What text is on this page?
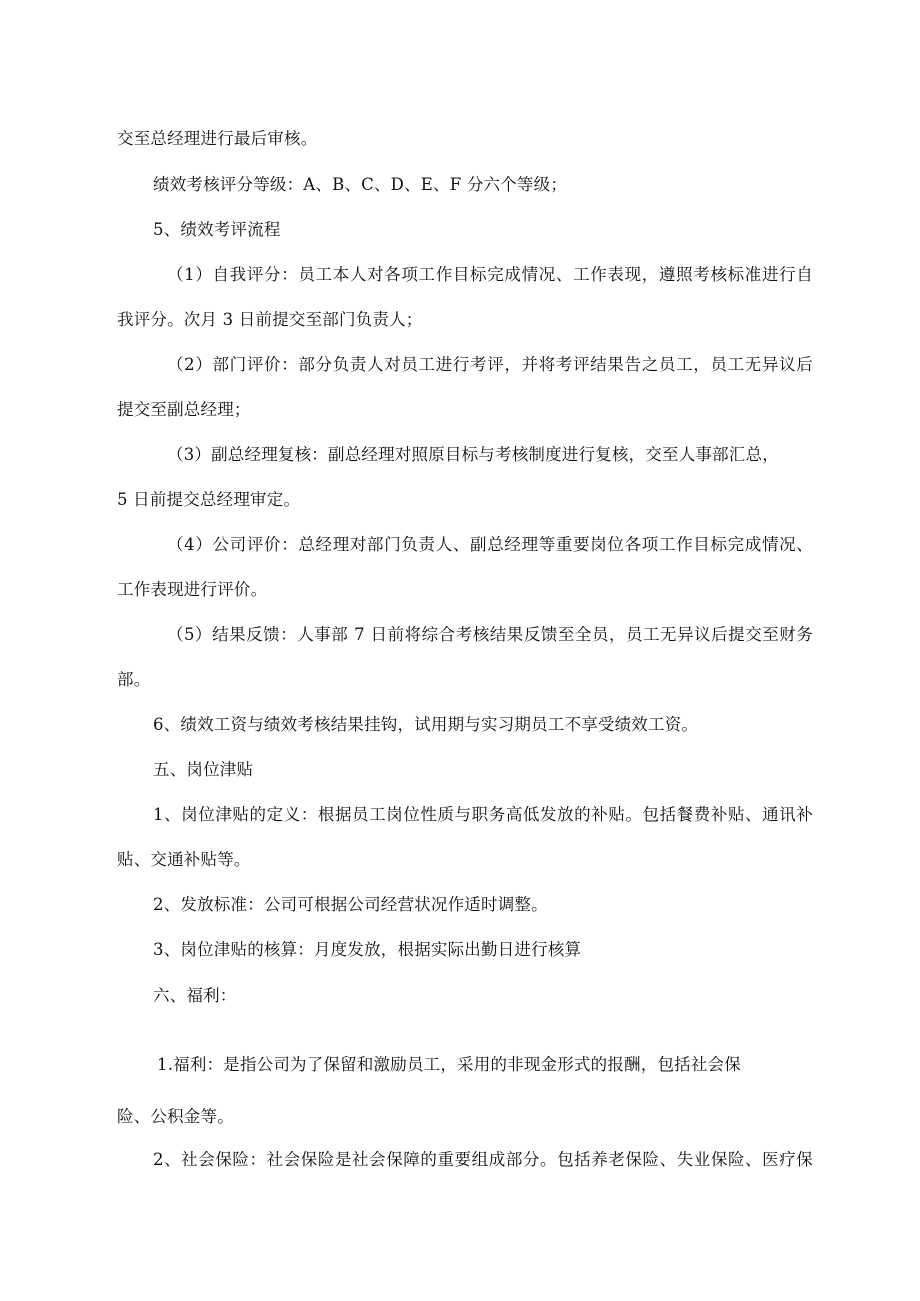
交至总经理进行最后审核。
绩效考核评分等级：A、B、C、D、E、F 分六个等级；
5、绩效考评流程
（1）自我评分：员工本人对各项工作目标完成情况、工作表现，遵照考核标准进行自
我评分。次月 3 日前提交至部门负责人；
（2）部门评价：部分负责人对员工进行考评，并将考评结果告之员工，员工无异议后
提交至副总经理；
（3）副总经理复核：副总经理对照原目标与考核制度进行复核，交至人事部汇总，
5 日前提交总经理审定。
（4）公司评价：总经理对部门负责人、副总经理等重要岗位各项工作目标完成情况、
工作表现进行评价。
（5）结果反馈：人事部 7 日前将综合考核结果反馈至全员，员工无异议后提交至财务
部。
6、绩效工资与绩效考核结果挂钩，试用期与实习期员工不享受绩效工资。
五、岗位津贴
1、岗位津贴的定义：根据员工岗位性质与职务高低发放的补贴。包括餐费补贴、通讯补
贴、交通补贴等。
2、发放标准：公司可根据公司经营状况作适时调整。
3、岗位津贴的核算：月度发放，根据实际出勤日进行核算
六、福利：
1.福利：是指公司为了保留和激励员工，采用的非现金形式的报酬，包括社会保
险、公积金等。
2、社会保险：社会保险是社会保障的重要组成部分。包括养老保险、失业保险、医疗保
